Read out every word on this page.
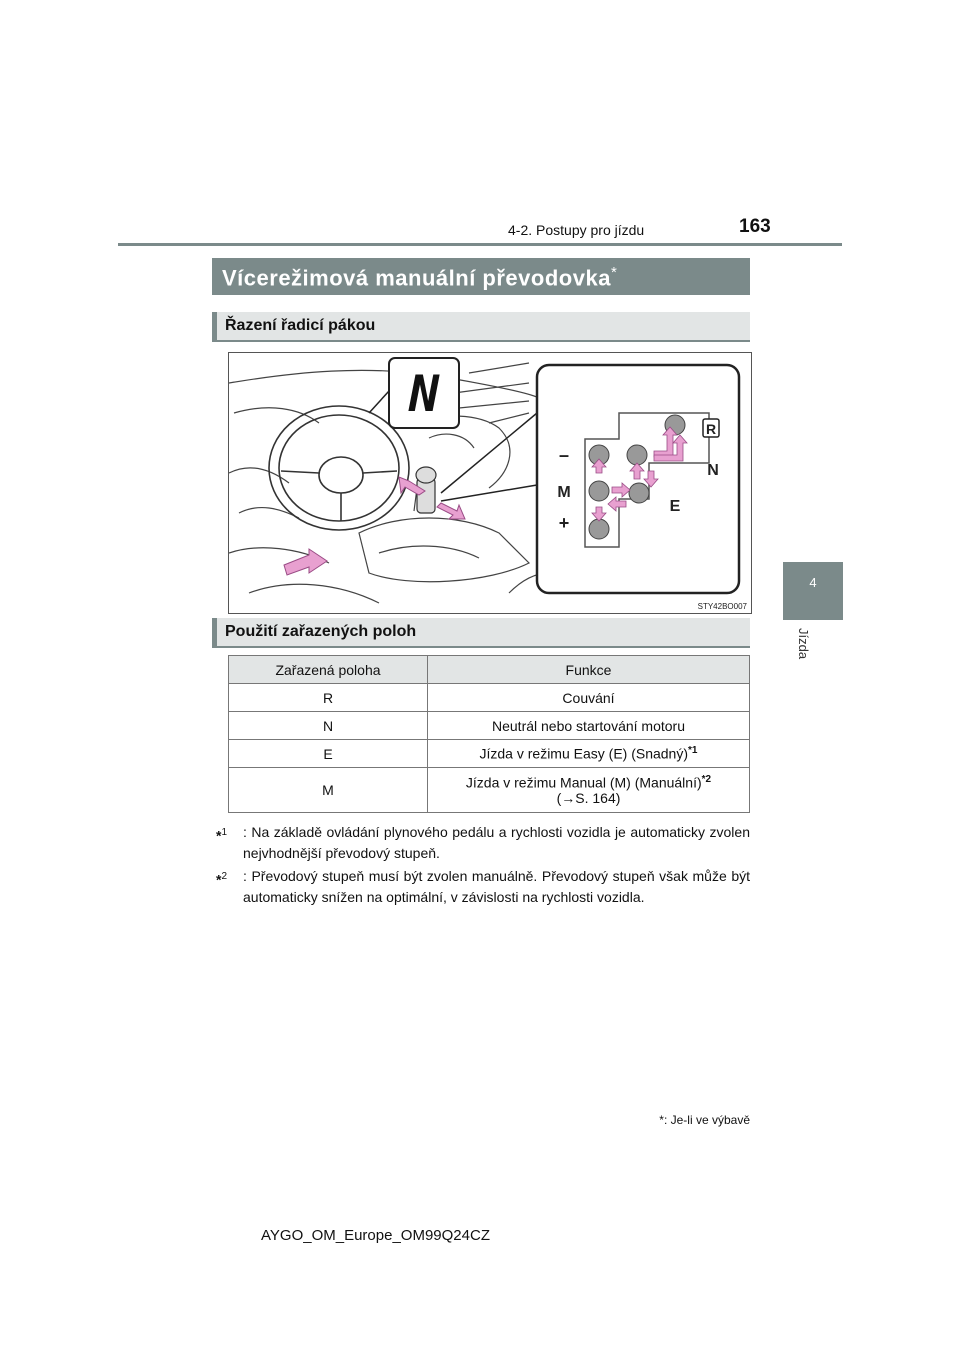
4-2. Postupy pro jízdu	163
4
Jízda
Vícerežimová manuální převodovka*
Řazení řadicí pákou
N
–
M
+
E
N
R
STY42BO007
Použití zařazených poloh
Zařazená poloha	Funkce
R	Couvání
N	Neutrál nebo startování motoru
E	Jízda v režimu Easy (E) (Snadný)$^{*1}$
M	Jízda v režimu Manual (M) (Manuální)$^{*2}$
(→S. 164)
*$^1$ : Na základě ovládání plynového pedálu a rychlosti vozidla je automaticky zvolen nejvhodnější převodový stupeň.
*$^2$ : Převodový stupeň musí být zvolen manuálně. Převodový stupeň však může být automaticky snížen na optimální, v závislosti na rychlosti vozidla.
*: Je-li ve výbavě
AYGO_OM_Europe_OM99Q24CZ
